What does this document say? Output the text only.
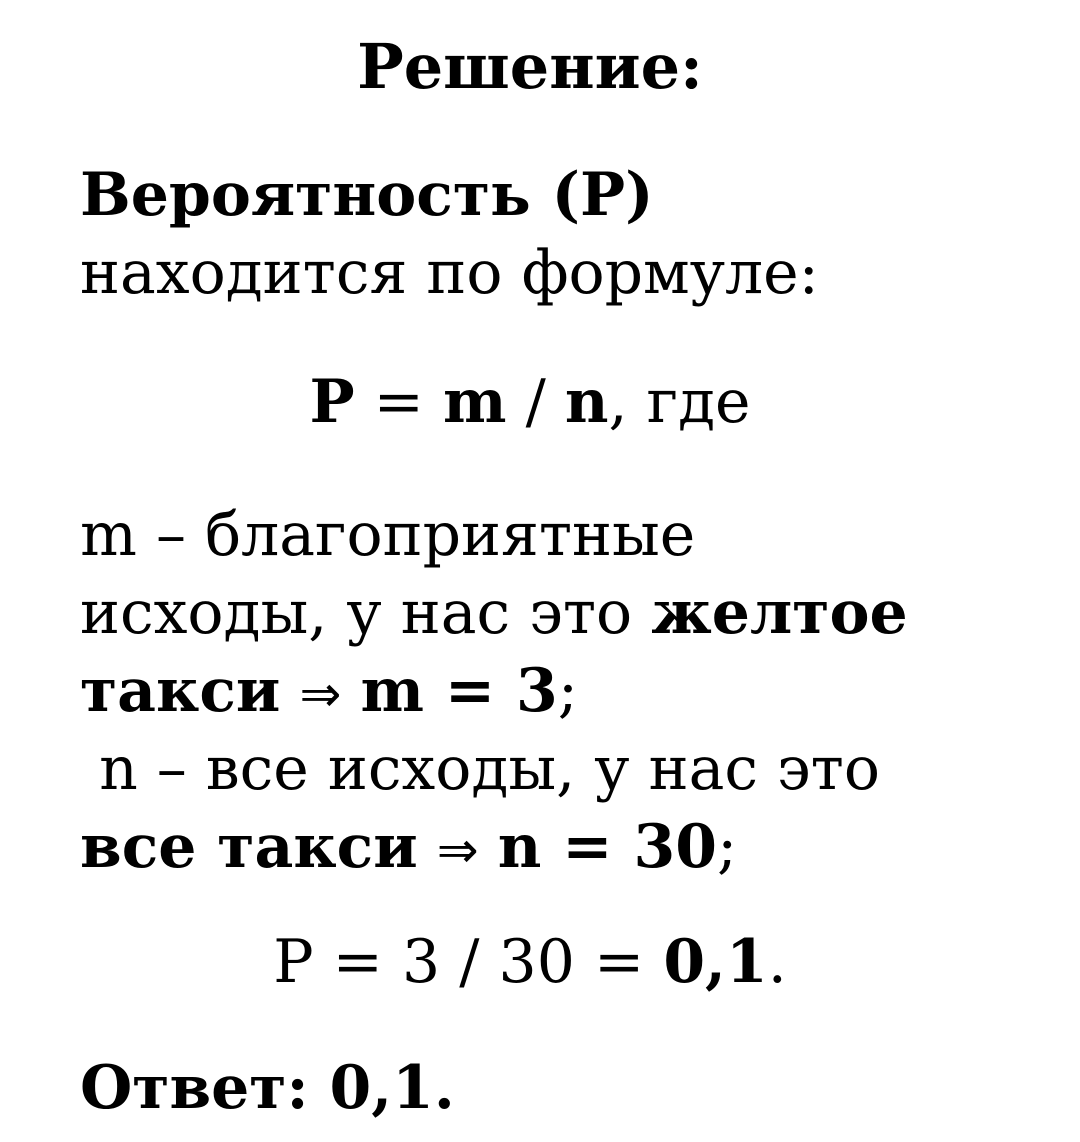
Решение:
Вероятность (Р)
находится по формуле:
Р = m / n, где
m – благоприятные
исходы, у нас это желтое
такси ⇒ m = 3;
n – все исходы, у нас это
все такси ⇒ n = 30;
Р = 3 / 30 = 0,1.
Ответ: 0,1.
